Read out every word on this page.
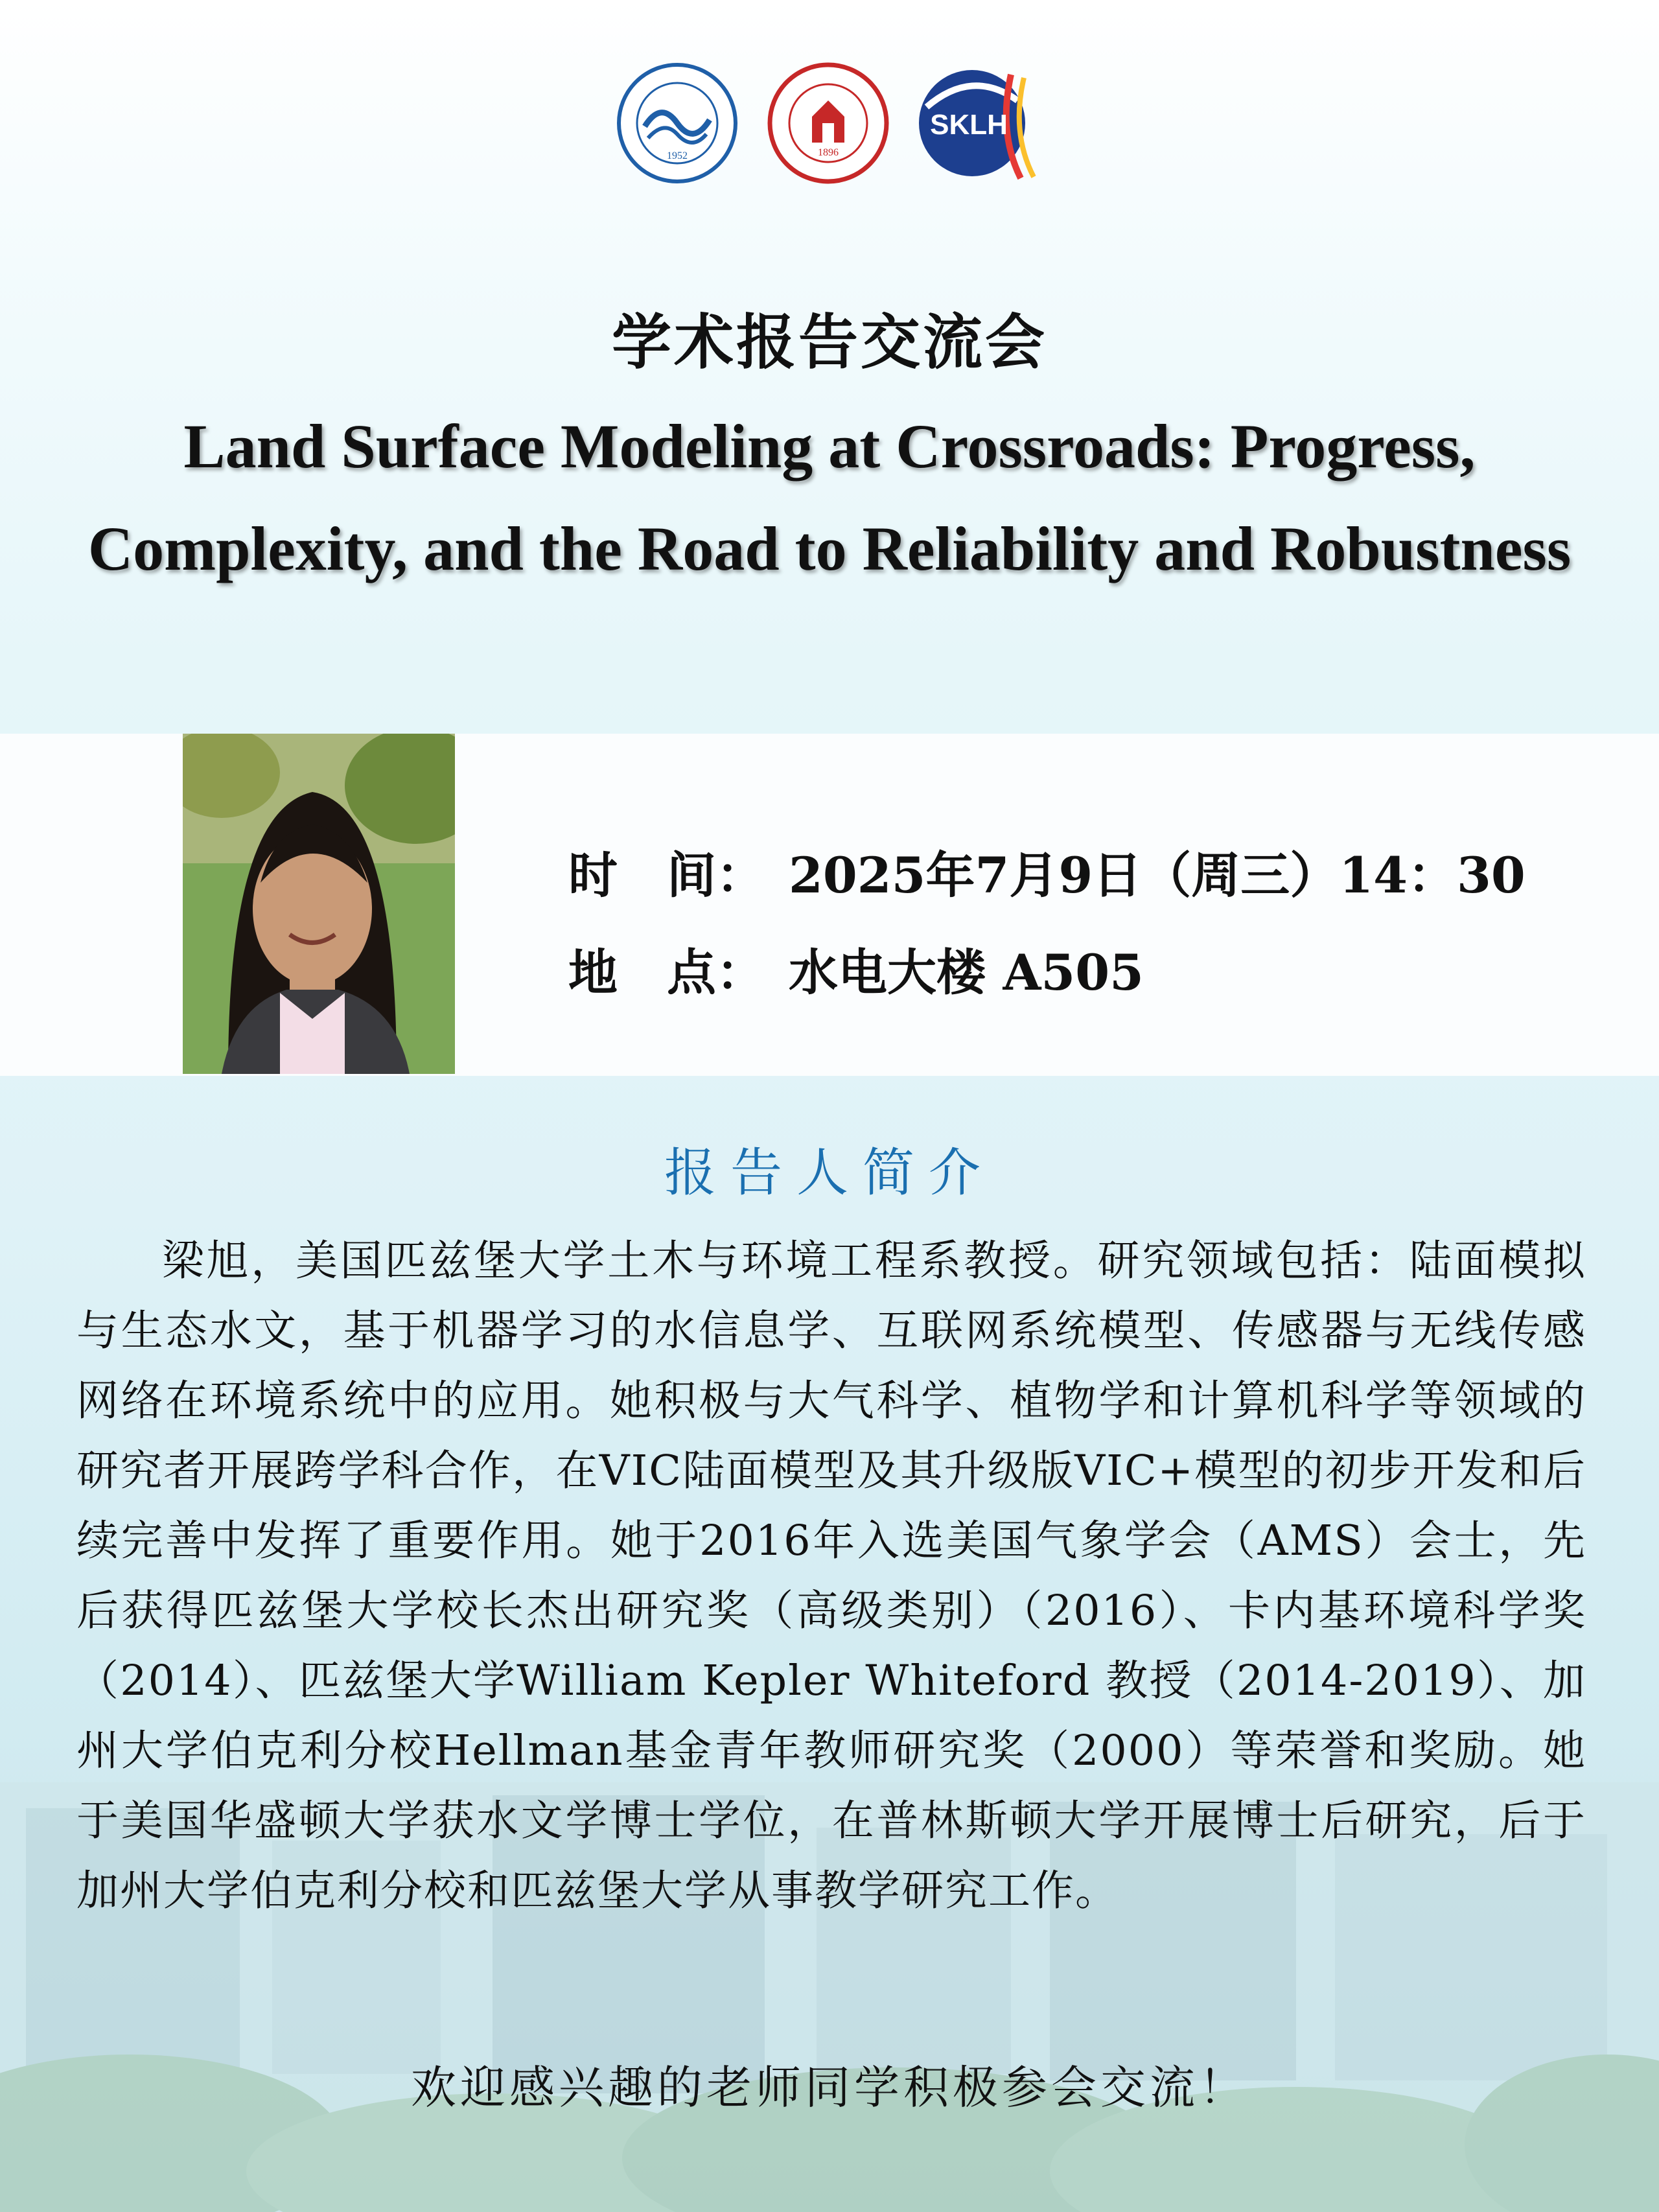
1952	1896
SKLH
学术报告交流会
Land Surface Modeling at Crossroads: Progress,
Complexity, and the Road to Reliability and Robustness
时　间： 2025年7月9日（周三）14：30
地　点： 水电大楼 A505
报告人简介
梁旭，美国匹兹堡大学土木与环境工程系教授。研究领域包括：陆面模拟与生态水文，基于机器学习的水信息学、互联网系统模型、传感器与无线传感网络在环境系统中的应用。她积极与大气科学、植物学和计算机科学等领域的研究者开展跨学科合作，在VIC陆面模型及其升级版VIC+模型的初步开发和后续完善中发挥了重要作用。她于2016年入选美国气象学会（AMS）会士，先后获得匹兹堡大学校长杰出研究奖（高级类别）（2016）、卡内基环境科学奖（2014）、匹兹堡大学William Kepler Whiteford 教授（2014-2019）、加州大学伯克利分校Hellman基金青年教师研究奖（2000）等荣誉和奖励。她于美国华盛顿大学获水文学博士学位，在普林斯顿大学开展博士后研究，后于加州大学伯克利分校和匹兹堡大学从事教学研究工作。
欢迎感兴趣的老师同学积极参会交流！
